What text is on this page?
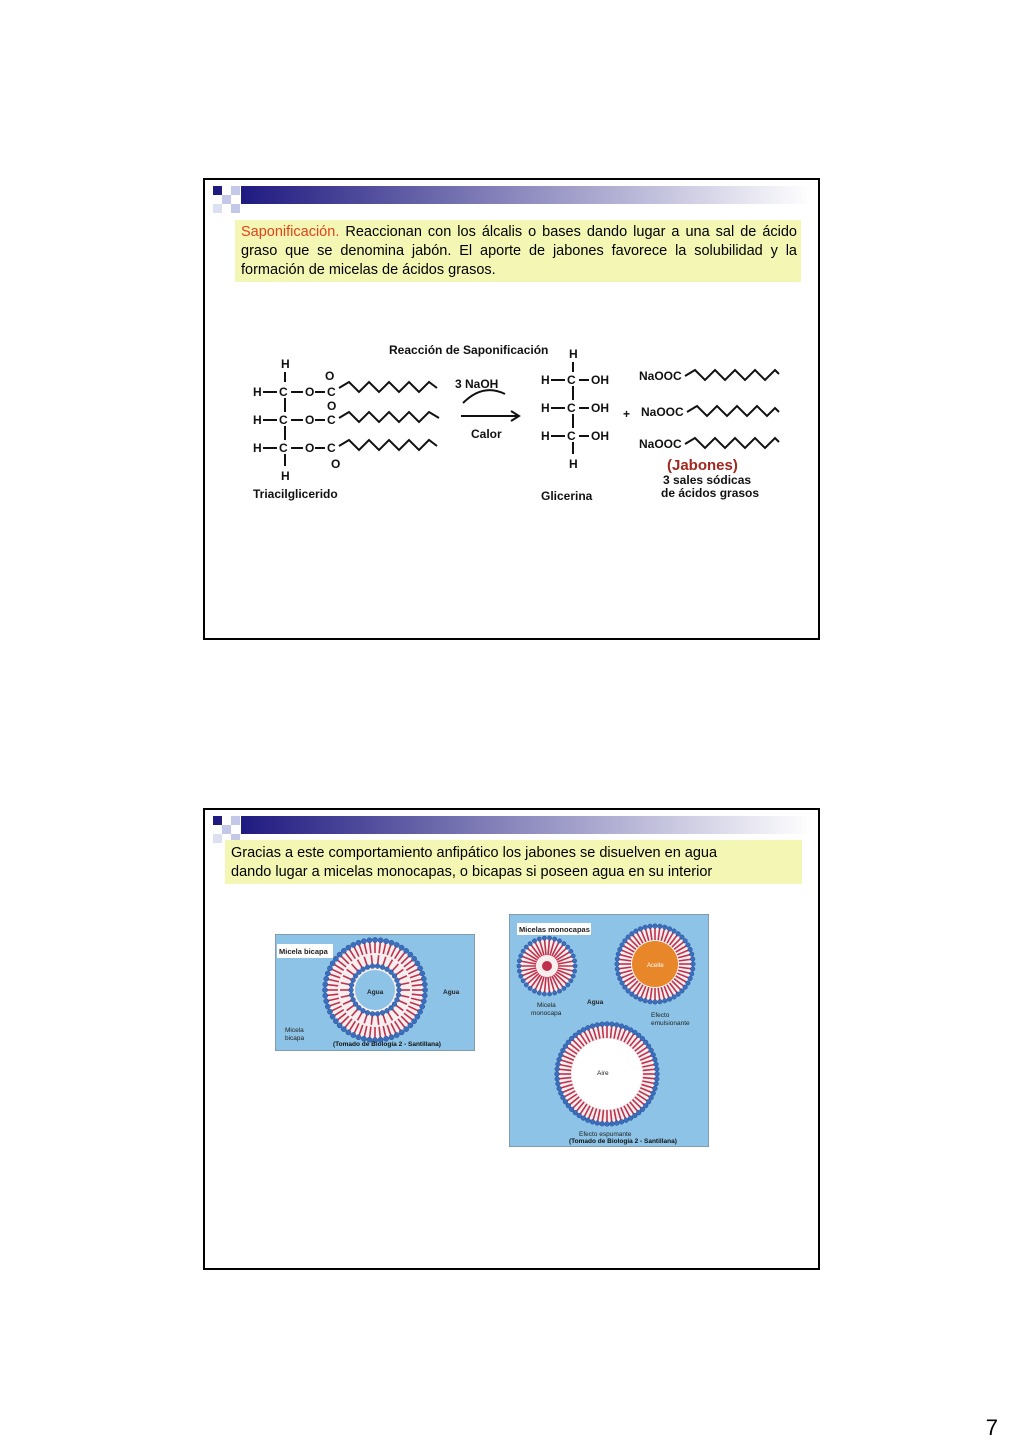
Saponificación. Reaccionan con los álcalis o bases dando lugar a una sal de ácido graso que se denomina jabón. El aporte de jabones favorece la solubilidad y la formación de micelas de ácidos grasos.
Reacción de Saponificación
H
H C O C
O
H C O C
O
H C O C
O
H
Triacilglicerido
3 NaOH
Calor
H
H C OH
H C OH
H C OH
H
Glicerina
+
NaOOC
NaOOC
NaOOC
(Jabones)
3 sales sódicas
de ácidos grasos
Gracias a este comportamiento anfipático los jabones se disuelven en agua
dando lugar a micelas monocapas, o bicapas si poseen agua en su interior
Micela bicapa
Agua	Agua
Micela
bicapa
(Tomado de Biología 2 - Santillana)
Micelas monocapas
Aceite
Micela
monocapa
Agua
Efecto
emulsionante
Aire
Efecto espumante
(Tomado de Biología 2 - Santillana)
7
